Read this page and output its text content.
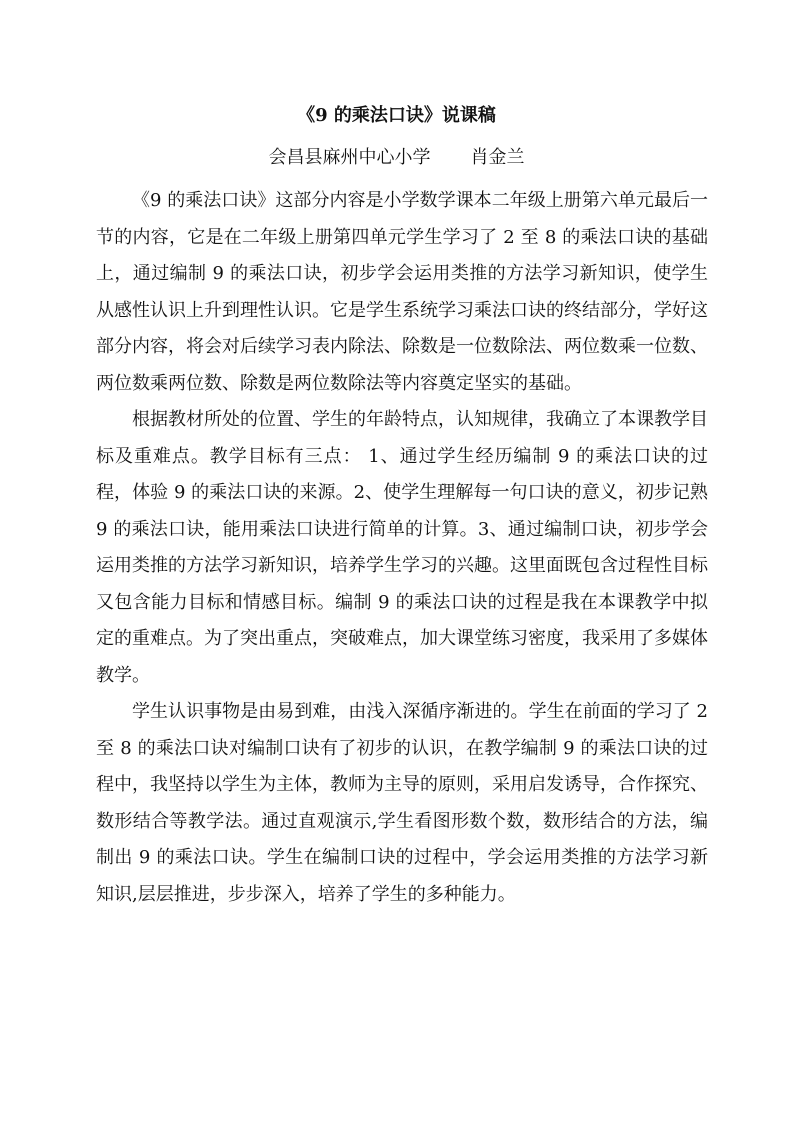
《9 的乘法口诀》说课稿
会昌县麻州中心小学 肖金兰

《9 的乘法口诀》这部分内容是小学数学课本二年级上册第六单元最后一节的内容，它是在二年级上册第四单元学生学习了 2 至 8 的乘法口诀的基础上，通过编制 9 的乘法口诀，初步学会运用类推的方法学习新知识，使学生从感性认识上升到理性认识。它是学生系统学习乘法口诀的终结部分，学好这部分内容，将会对后续学习表内除法、除数是一位数除法、两位数乘一位数、两位数乘两位数、除数是两位数除法等内容奠定坚实的基础。

根据教材所处的位置、学生的年龄特点，认知规律，我确立了本课教学目标及重难点。教学目标有三点： 1、通过学生经历编制 9 的乘法口诀的过程，体验 9 的乘法口诀的来源。2、使学生理解每一句口诀的意义，初步记熟 9 的乘法口诀，能用乘法口诀进行简单的计算。3、通过编制口诀，初步学会运用类推的方法学习新知识，培养学生学习的兴趣。这里面既包含过程性目标又包含能力目标和情感目标。编制 9 的乘法口诀的过程是我在本课教学中拟定的重难点。为了突出重点，突破难点，加大课堂练习密度，我采用了多媒体教学。

学生认识事物是由易到难，由浅入深循序渐进的。学生在前面的学习了 2 至 8 的乘法口诀对编制口诀有了初步的认识，在教学编制 9 的乘法口诀的过程中，我坚持以学生为主体，教师为主导的原则，采用启发诱导，合作探究、数形结合等教学法。通过直观演示,学生看图形数个数，数形结合的方法，编制出 9 的乘法口诀。学生在编制口诀的过程中，学会运用类推的方法学习新知识,层层推进，步步深入，培养了学生的多种能力。
